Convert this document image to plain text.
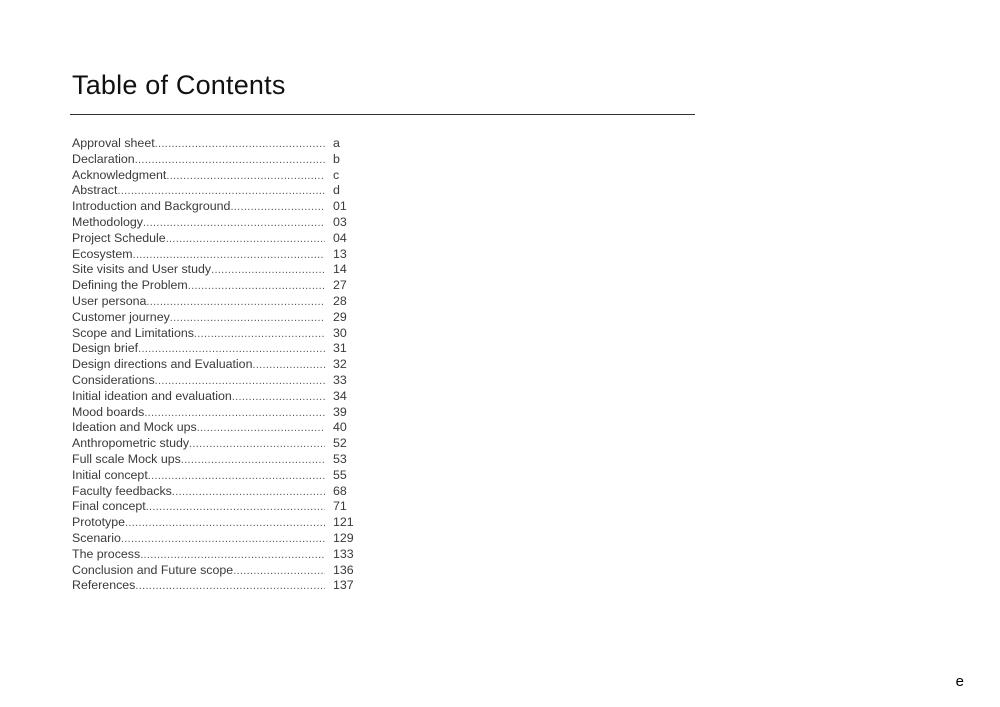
Table of Contents
Approval sheet .....	a
Declaration .....	b
Acknowledgment .....	c
Abstract .....	d
Introduction and Background .....	01
Methodology .....	03
Project Schedule .....	04
Ecosystem .....	13
Site visits and User study .....	14
Defining the Problem .....	27
User persona .....	28
Customer journey .....	29
Scope and Limitations .....	30
Design brief .....	31
Design directions and Evaluation .....	32
Considerations .....	33
Initial ideation and evaluation .....	34
Mood boards .....	39
Ideation and Mock ups .....	40
Anthropometric study .....	52
Full scale Mock ups .....	53
Initial concept .....	55
Faculty feedbacks .....	68
Final concept .....	71
Prototype .....	121
Scenario .....	129
The process .....	133
Conclusion and Future scope .....	136
References .....	137
e
